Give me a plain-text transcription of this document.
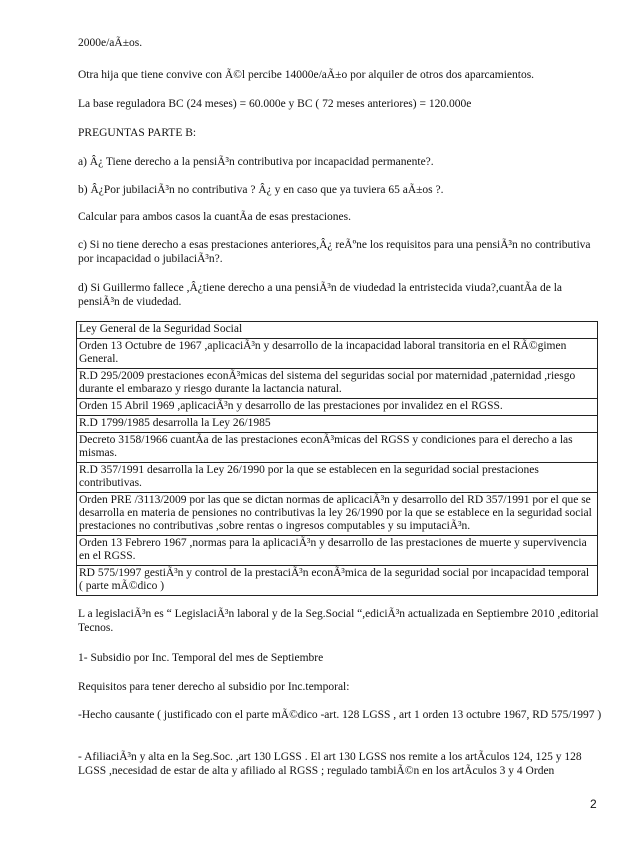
2000e/aÃ±os.

Otra hija que tiene convive con Ã©l percibe 14000e/aÃ±o por alquiler de otros dos aparcamientos.

La base reguladora BC (24 meses) = 60.000e y BC ( 72 meses anteriores) = 120.000e

PREGUNTAS PARTE B:

a) Â¿ Tiene derecho a la pensiÃ³n contributiva por incapacidad permanente?.

b) Â¿Por jubilaciÃ³n no contributiva ? Â¿ y en caso que ya tuviera 65 aÃ±os ?.

Calcular para ambos casos la cuantÃa de esas prestaciones.

c) Si no tiene derecho a esas prestaciones anteriores,Â¿ reÃºne los requisitos para una pensiÃ³n no contributiva por incapacidad o jubilaciÃ³n?.

d) Si Guillermo fallece ,Â¿tiene derecho a una pensiÃ³n de viudedad la entristecida viuda?,cuantÃa de la pensiÃ³n de viudedad.

Ley General de la Seguridad Social
Orden 13 Octubre de 1967 ,aplicaciÃ³n y desarrollo de la incapacidad laboral transitoria en el RÃ©gimen General.
R.D 295/2009 prestaciones econÃ³micas del sistema del seguridas social por maternidad ,paternidad ,riesgo durante el embarazo y riesgo durante la lactancia natural.
Orden 15 Abril 1969 ,aplicaciÃ³n y desarrollo de las prestaciones por invalidez en el RGSS.
R.D 1799/1985 desarrolla la Ley 26/1985
Decreto 3158/1966 cuantÃa de las prestaciones econÃ³micas del RGSS y condiciones para el derecho a las mismas.
R.D 357/1991 desarrolla la Ley 26/1990 por la que se establecen en la seguridad social prestaciones contributivas.
Orden PRE /3113/2009 por las que se dictan normas de aplicaciÃ³n y desarrollo del RD 357/1991 por el que se desarrolla en materia de pensiones no contributivas la ley 26/1990 por la que se establece en la seguridad social prestaciones no contributivas ,sobre rentas o ingresos computables y su imputaciÃ³n.
Orden 13 Febrero 1967 ,normas para la aplicaciÃ³n y desarrollo de las prestaciones de muerte y supervivencia en el RGSS.
RD 575/1997 gestiÃ³n y control de la prestaciÃ³n econÃ³mica de la seguridad social por incapacidad temporal ( parte mÃ©dico )

L a legislaciÃ³n es “ LegislaciÃ³n laboral y de la Seg.Social “,ediciÃ³n actualizada en Septiembre 2010 ,editorial Tecnos.

1- Subsidio por Inc. Temporal del mes de Septiembre

Requisitos para tener derecho al subsidio por Inc.temporal:

-Hecho causante ( justificado con el parte mÃ©dico -art. 128 LGSS , art 1 orden 13 octubre 1967, RD 575/1997 )

- AfiliaciÃ³n y alta en la Seg.Soc. ,art 130 LGSS . El art 130 LGSS nos remite a los artÃculos 124, 125 y 128 LGSS ,necesidad de estar de alta y afiliado al RGSS ; regulado tambiÃ©n en los artÃculos 3 y 4 Orden

2
